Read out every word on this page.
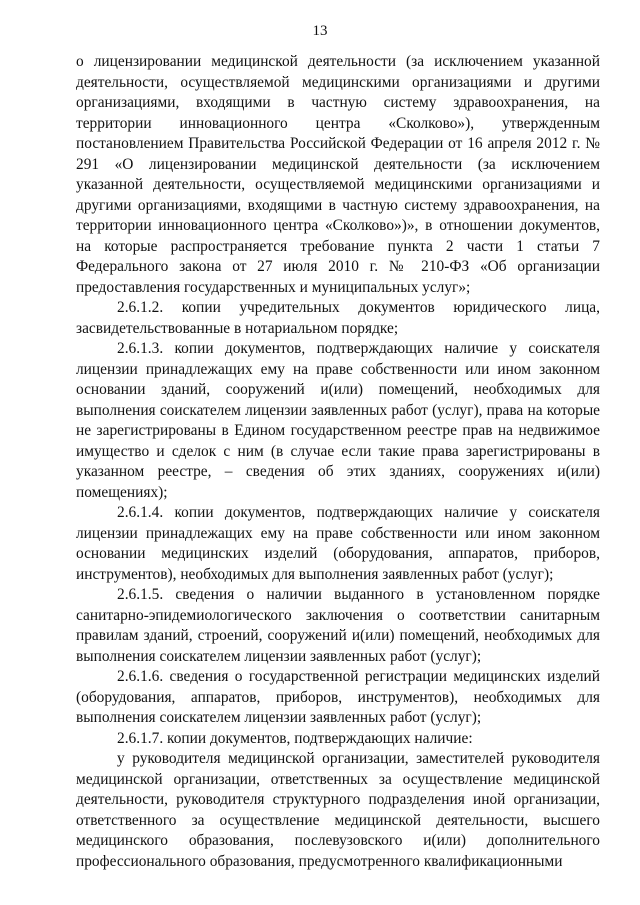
13

о лицензировании медицинской деятельности (за исключением указанной деятельности, осуществляемой медицинскими организациями и другими организациями, входящими в частную систему здравоохранения, на территории инновационного центра «Сколково»), утвержденным постановлением Правительства Российской Федерации от 16 апреля 2012 г. № 291 «О лицензировании медицинской деятельности (за исключением указанной деятельности, осуществляемой медицинскими организациями и другими организациями, входящими в частную систему здравоохранения, на территории инновационного центра «Сколково»)», в отношении документов, на которые распространяется требование пункта 2 части 1 статьи 7 Федерального закона от 27 июля 2010 г. № 210-ФЗ «Об организации предоставления государственных и муниципальных услуг»;

2.6.1.2. копии учредительных документов юридического лица, засвидетельствованные в нотариальном порядке;

2.6.1.3. копии документов, подтверждающих наличие у соискателя лицензии принадлежащих ему на праве собственности или ином законном основании зданий, сооружений и(или) помещений, необходимых для выполнения соискателем лицензии заявленных работ (услуг), права на которые не зарегистрированы в Едином государственном реестре прав на недвижимое имущество и сделок с ним (в случае если такие права зарегистрированы в указанном реестре, – сведения об этих зданиях, сооружениях и(или) помещениях);

2.6.1.4. копии документов, подтверждающих наличие у соискателя лицензии принадлежащих ему на праве собственности или ином законном основании медицинских изделий (оборудования, аппаратов, приборов, инструментов), необходимых для выполнения заявленных работ (услуг);

2.6.1.5. сведения о наличии выданного в установленном порядке санитарно-эпидемиологического заключения о соответствии санитарным правилам зданий, строений, сооружений и(или) помещений, необходимых для выполнения соискателем лицензии заявленных работ (услуг);

2.6.1.6. сведения о государственной регистрации медицинских изделий (оборудования, аппаратов, приборов, инструментов), необходимых для выполнения соискателем лицензии заявленных работ (услуг);

2.6.1.7. копии документов, подтверждающих наличие:

у руководителя медицинской организации, заместителей руководителя медицинской организации, ответственных за осуществление медицинской деятельности, руководителя структурного подразделения иной организации, ответственного за осуществление медицинской деятельности, высшего медицинского образования, послевузовского и(или) дополнительного профессионального образования, предусмотренного квалификационными
